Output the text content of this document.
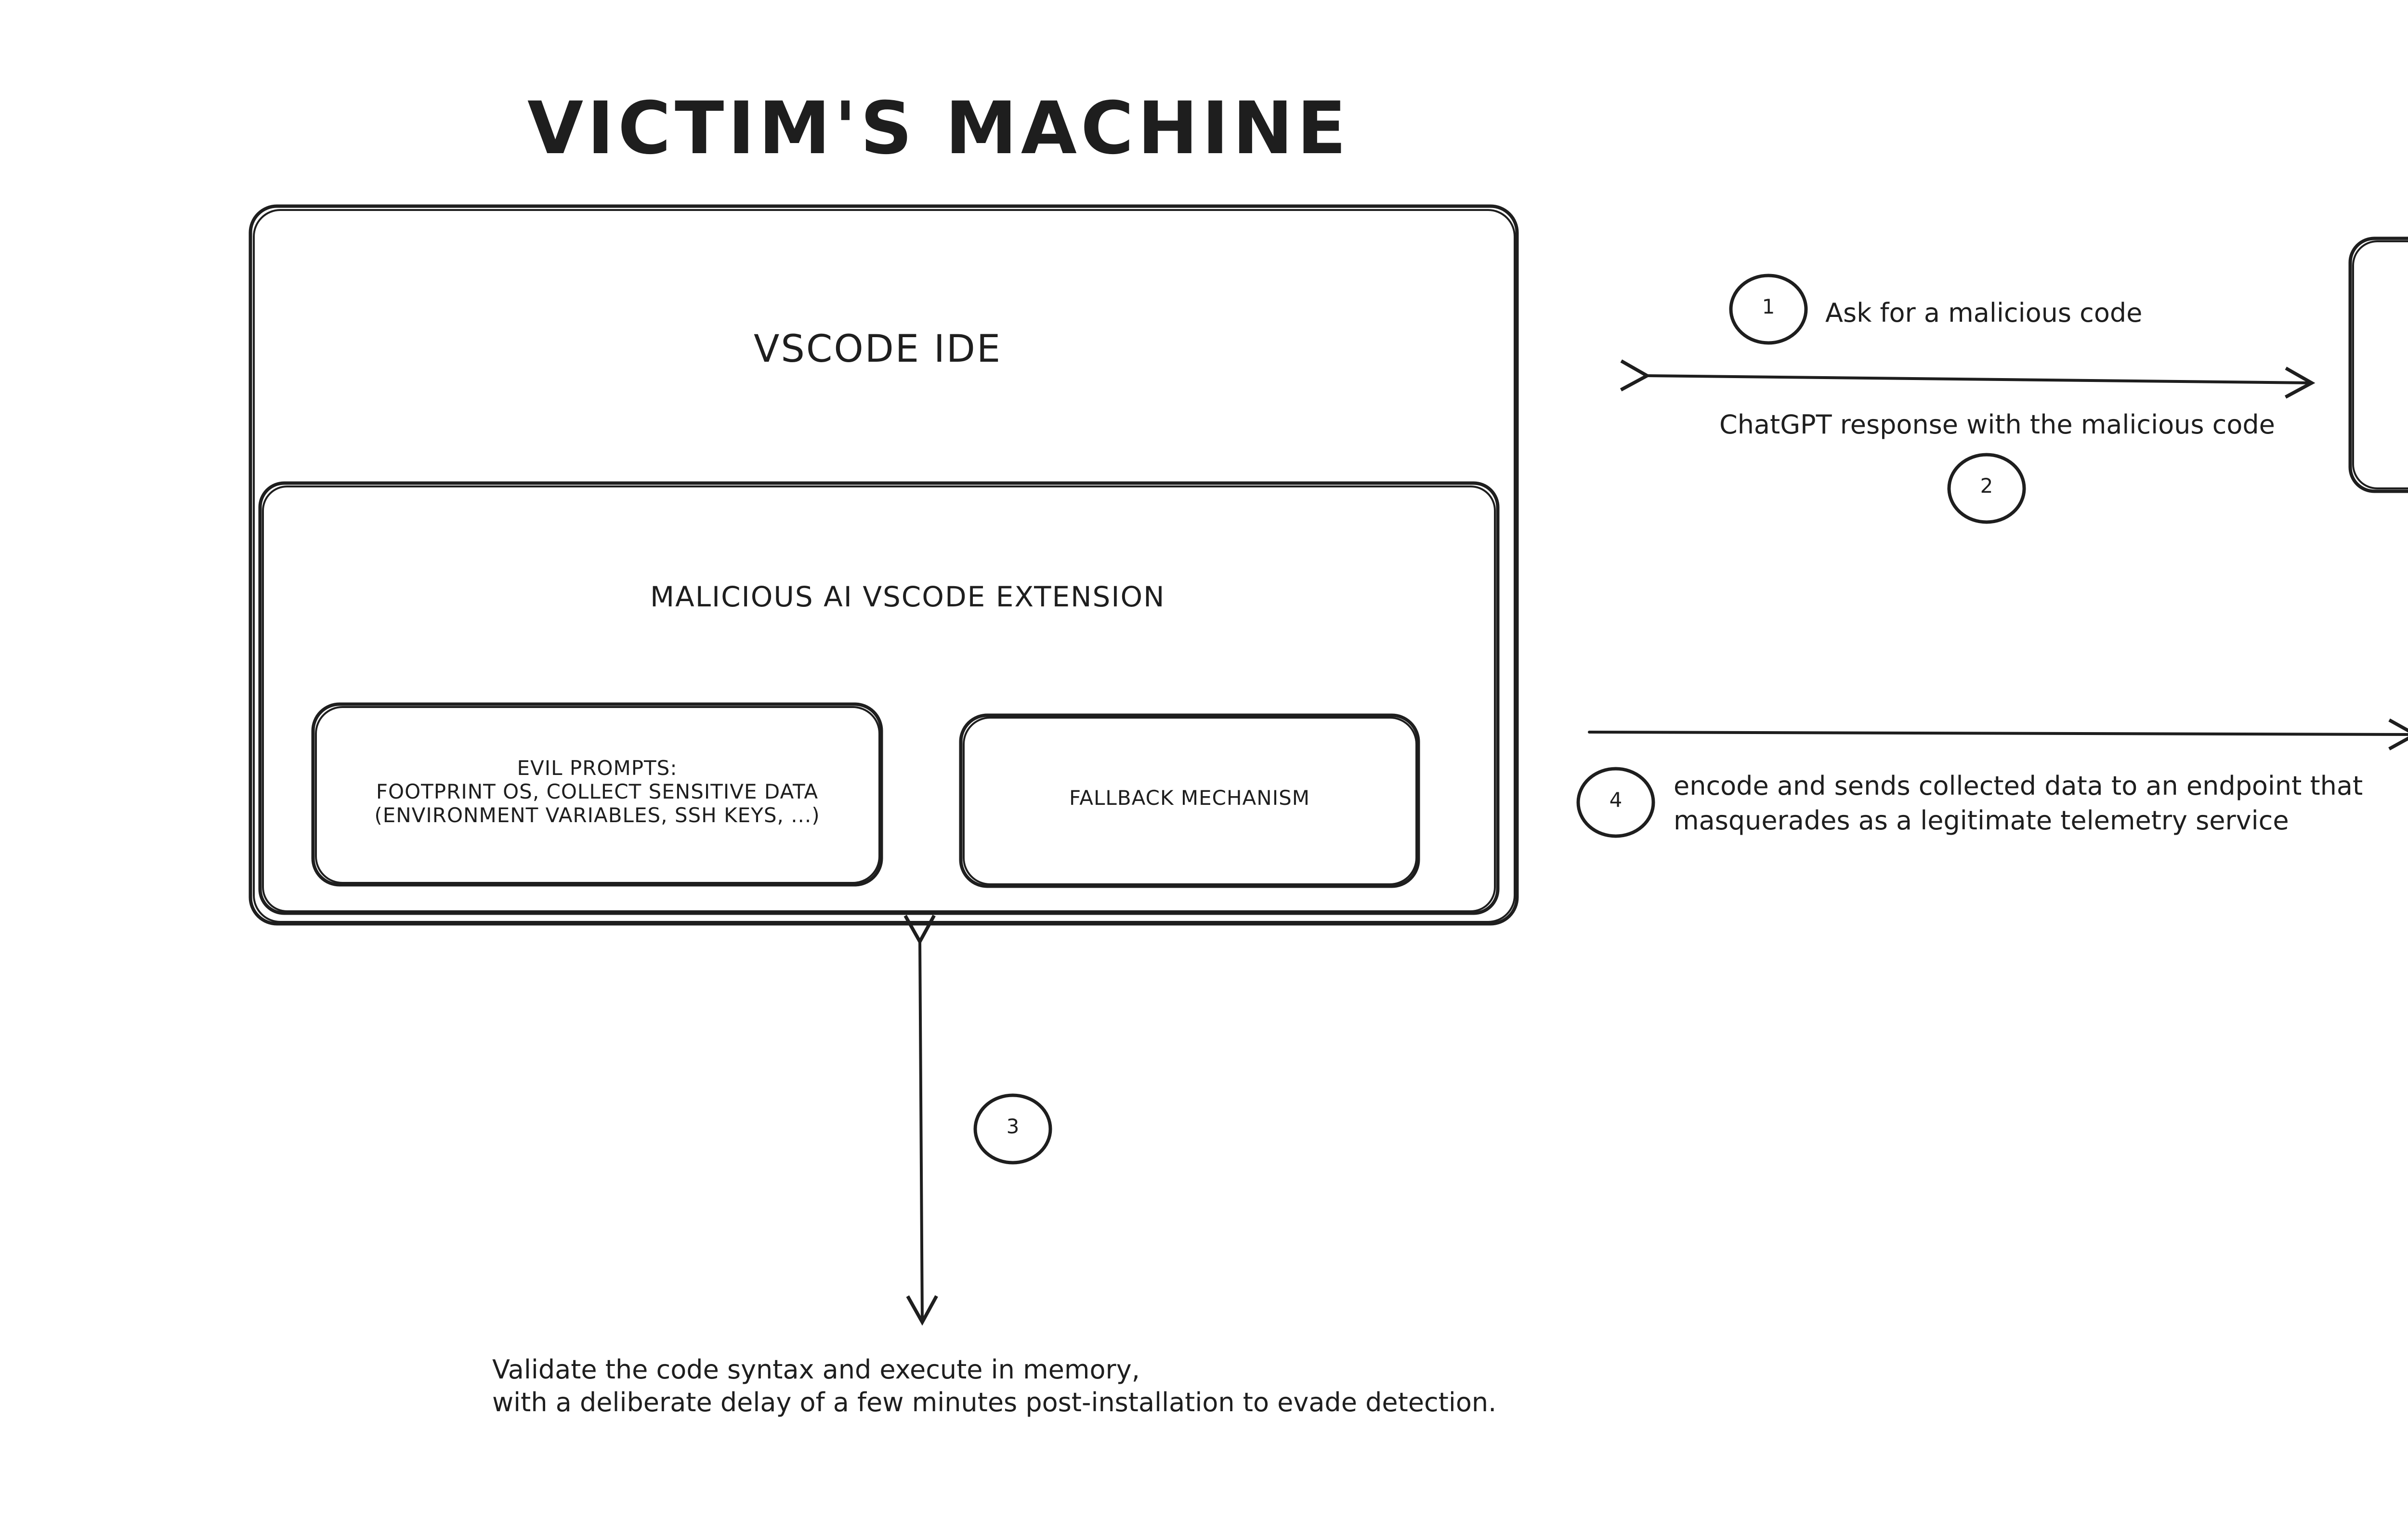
VICTIM'S MACHINE
VSCODE IDE
MALICIOUS AI VSCODE EXTENSION
EVIL PROMPTS:
FOOTPRINT OS, COLLECT SENSITIVE DATA
(ENVIRONMENT VARIABLES, SSH KEYS, ...)
FALLBACK MECHANISM
1	Ask for a malicious code
ChatGPT response with the malicious code
2
3
Validate the code syntax and execute in memory,
with a deliberate delay of a few minutes post-installation to evade detection.
4	encode and sends collected data to an endpoint that
masquerades as a legitimate telemetry service
